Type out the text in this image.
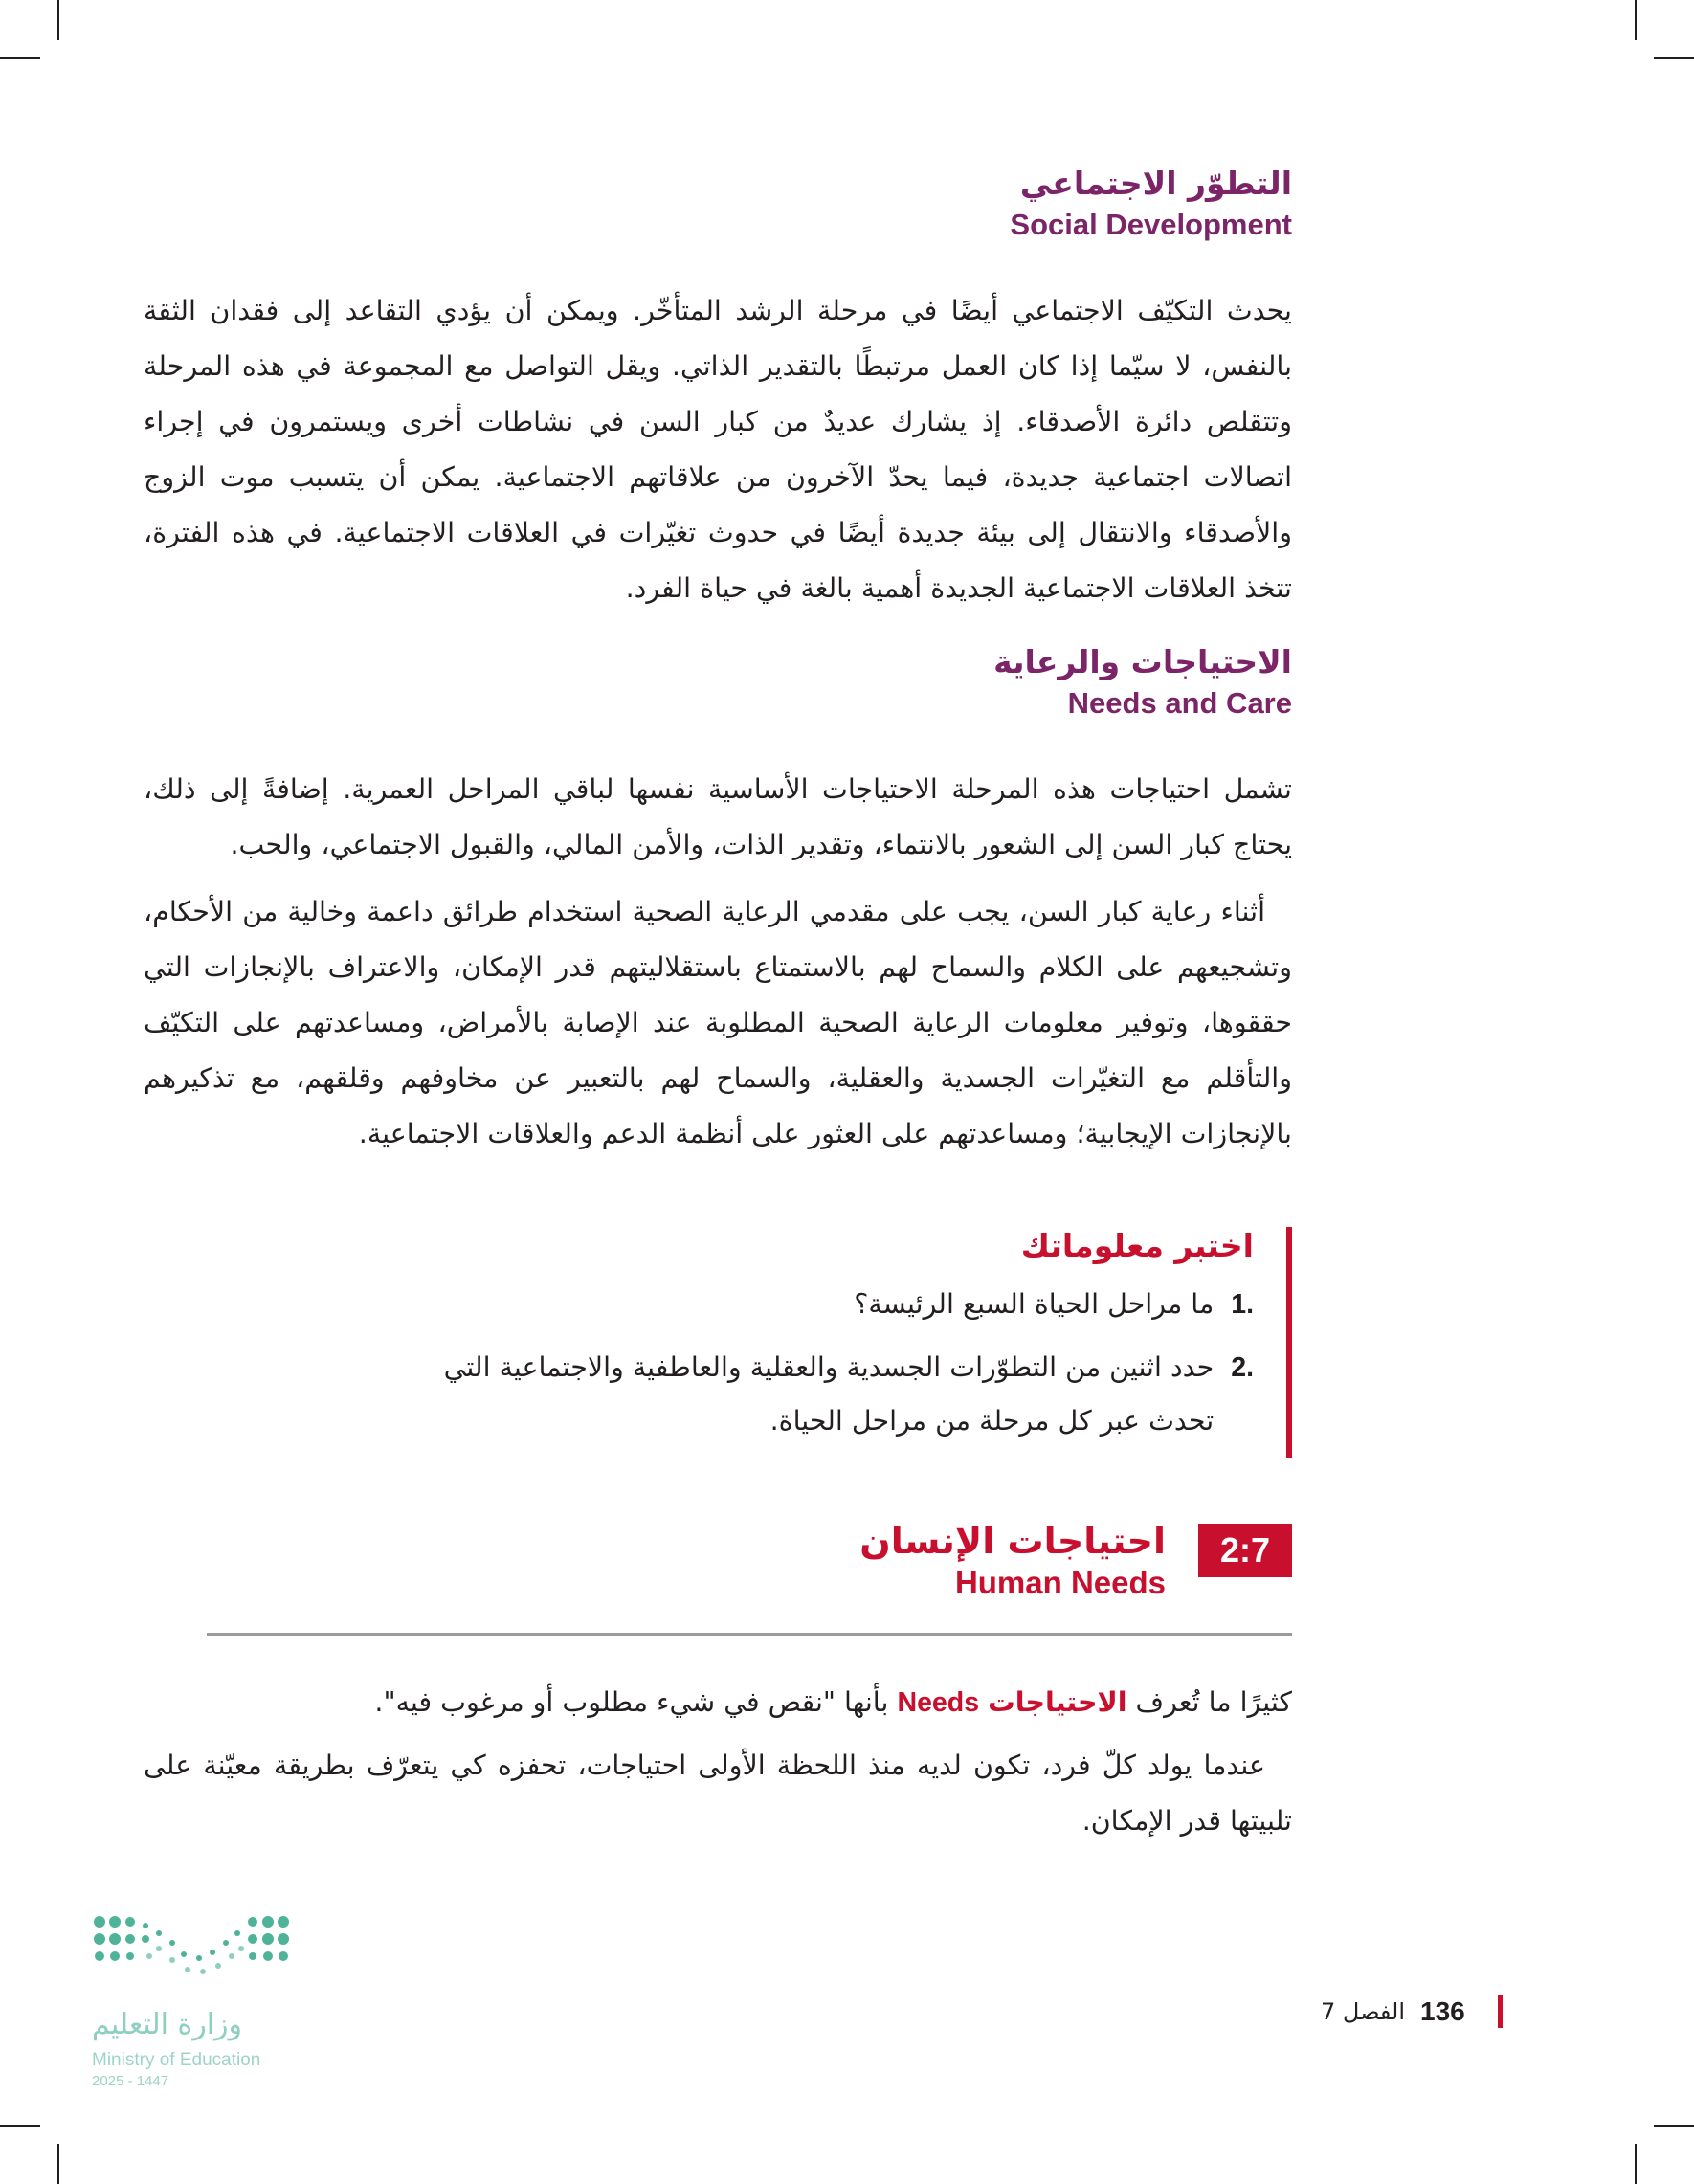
التطوّر الاجتماعي

Social Development

يحدث التكيّف الاجتماعي أيضًا في مرحلة الرشد المتأخّر. ويمكن أن يؤدي التقاعد إلى فقدان الثقة بالنفس، لا سيّما إذا كان العمل مرتبطًا بالتقدير الذاتي. ويقل التواصل مع المجموعة في هذه المرحلة وتتقلص دائرة الأصدقاء. إذ يشارك عديدٌ من كبار السن في نشاطات أخرى ويستمرون في إجراء اتصالات اجتماعية جديدة، فيما يحدّ الآخرون من علاقاتهم الاجتماعية. يمكن أن يتسبب موت الزوج والأصدقاء والانتقال إلى بيئة جديدة أيضًا في حدوث تغيّرات في العلاقات الاجتماعية. في هذه الفترة، تتخذ العلاقات الاجتماعية الجديدة أهمية بالغة في حياة الفرد.

الاحتياجات والرعاية

Needs and Care

تشمل احتياجات هذه المرحلة الاحتياجات الأساسية نفسها لباقي المراحل العمرية. إضافةً إلى ذلك، يحتاج كبار السن إلى الشعور بالانتماء، وتقدير الذات، والأمن المالي، والقبول الاجتماعي، والحب.

أثناء رعاية كبار السن، يجب على مقدمي الرعاية الصحية استخدام طرائق داعمة وخالية من الأحكام، وتشجيعهم على الكلام والسماح لهم بالاستمتاع باستقلاليتهم قدر الإمكان، والاعتراف بالإنجازات التي حققوها، وتوفير معلومات الرعاية الصحية المطلوبة عند الإصابة بالأمراض، ومساعدتهم على التكيّف والتأقلم مع التغيّرات الجسدية والعقلية، والسماح لهم بالتعبير عن مخاوفهم وقلقهم، مع تذكيرهم بالإنجازات الإيجابية؛ ومساعدتهم على العثور على أنظمة الدعم والعلاقات الاجتماعية.

اختبر معلوماتك

1.
ما مراحل الحياة السبع الرئيسة؟
2.
حدد اثنين من التطوّرات الجسدية والعقلية والعاطفية والاجتماعية التي تحدث عبر كل مرحلة من مراحل الحياة.
2:7
احتياجات الإنسان
Human Needs

كثيرًا ما تُعرف الاحتياجات Needs بأنها "نقص في شيء مطلوب أو مرغوب فيه".

عندما يولد كلّ فرد، تكون لديه منذ اللحظة الأولى احتياجات، تحفزه كي يتعرّف بطريقة معيّنة على تلبيتها قدر الإمكان.

الفصل 7 136
وزارة التعليم
Ministry of Education
2025 - 1447
